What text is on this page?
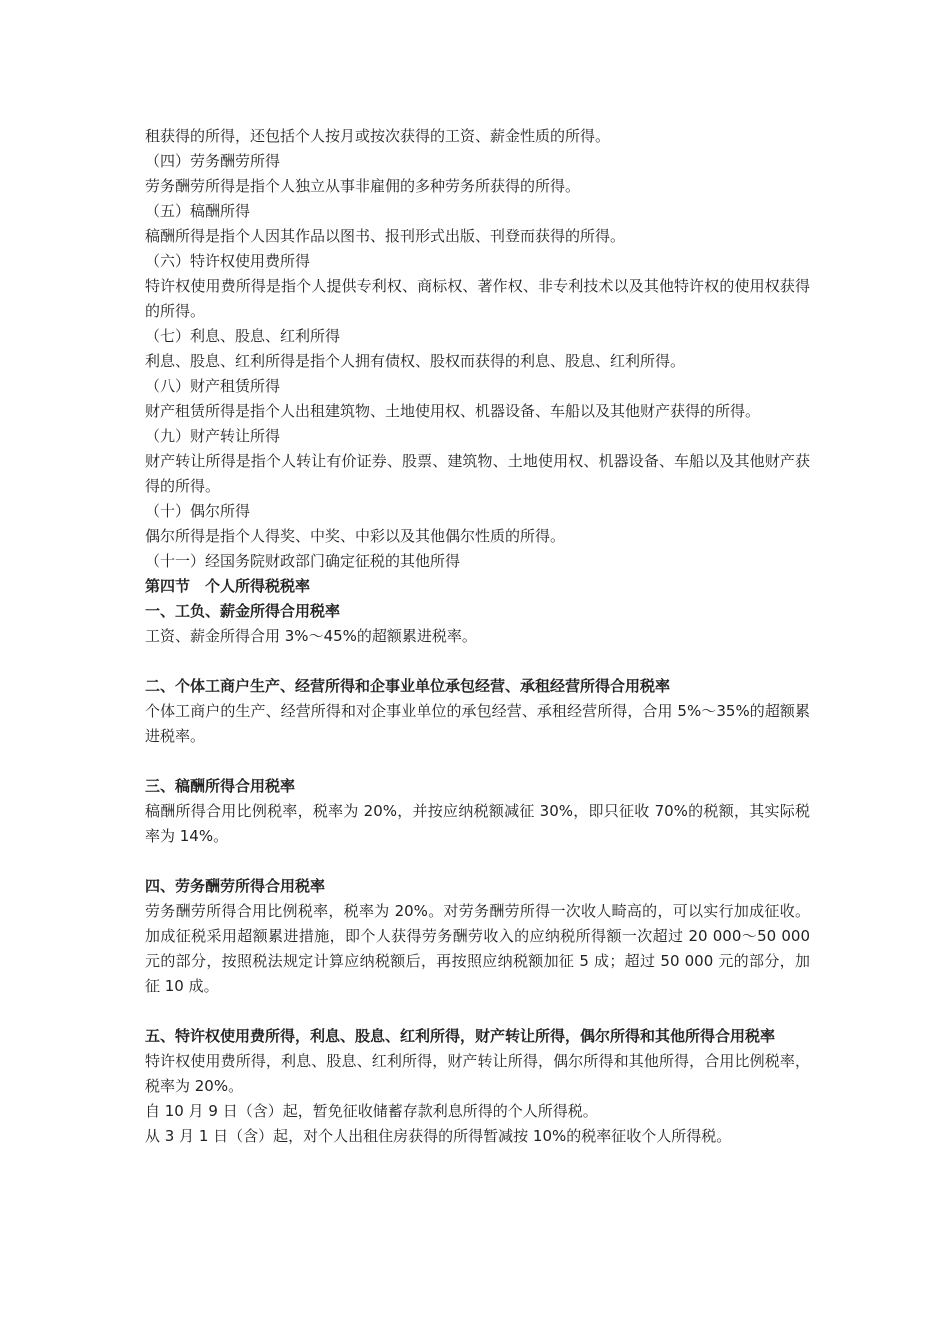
租获得的所得，还包括个人按月或按次获得的工资、薪金性质的所得。

（四）劳务酬劳所得

劳务酬劳所得是指个人独立从事非雇佣的多种劳务所获得的所得。

（五）稿酬所得

稿酬所得是指个人因其作品以图书、报刊形式出版、刊登而获得的所得。

（六）特许权使用费所得

特许权使用费所得是指个人提供专利权、商标权、著作权、非专利技术以及其他特许权的使用权获得的所得。

（七）利息、股息、红利所得

利息、股息、红利所得是指个人拥有债权、股权而获得的利息、股息、红利所得。

（八）财产租赁所得

财产租赁所得是指个人出租建筑物、土地使用权、机器设备、车船以及其他财产获得的所得。

（九）财产转让所得

财产转让所得是指个人转让有价证券、股票、建筑物、土地使用权、机器设备、车船以及其他财产获得的所得。

（十）偶尔所得

偶尔所得是指个人得奖、中奖、中彩以及其他偶尔性质的所得。

（十一）经国务院财政部门确定征税的其他所得

第四节　个人所得税税率

一、工负、薪金所得合用税率

工资、薪金所得合用 3%～45%的超额累进税率。

二、个体工商户生产、经营所得和企事业单位承包经营、承租经营所得合用税率

个体工商户的生产、经营所得和对企事业单位的承包经营、承租经营所得，合用 5%～35%的超额累进税率。

三、稿酬所得合用税率

稿酬所得合用比例税率，税率为 20%，并按应纳税额减征 30%，即只征收 70%的税额，其实际税率为 14%。

四、劳务酬劳所得合用税率

劳务酬劳所得合用比例税率，税率为 20%。对劳务酬劳所得一次收人畸高的，可以实行加成征收。加成征税采用超额累进措施，即个人获得劳务酬劳收入的应纳税所得额一次超过 20 000～50 000 元的部分，按照税法规定计算应纳税额后，再按照应纳税额加征 5 成；超过 50 000 元的部分，加征 10 成。

五、特许权使用费所得，利息、股息、红利所得，财产转让所得，偶尔所得和其他所得合用税率

特许权使用费所得，利息、股息、红利所得，财产转让所得，偶尔所得和其他所得，合用比例税率，税率为 20%。

自 10 月 9 日（含）起，暂免征收储蓄存款利息所得的个人所得税。

从 3 月 1 日（含）起，对个人出租住房获得的所得暂减按 10%的税率征收个人所得税。
